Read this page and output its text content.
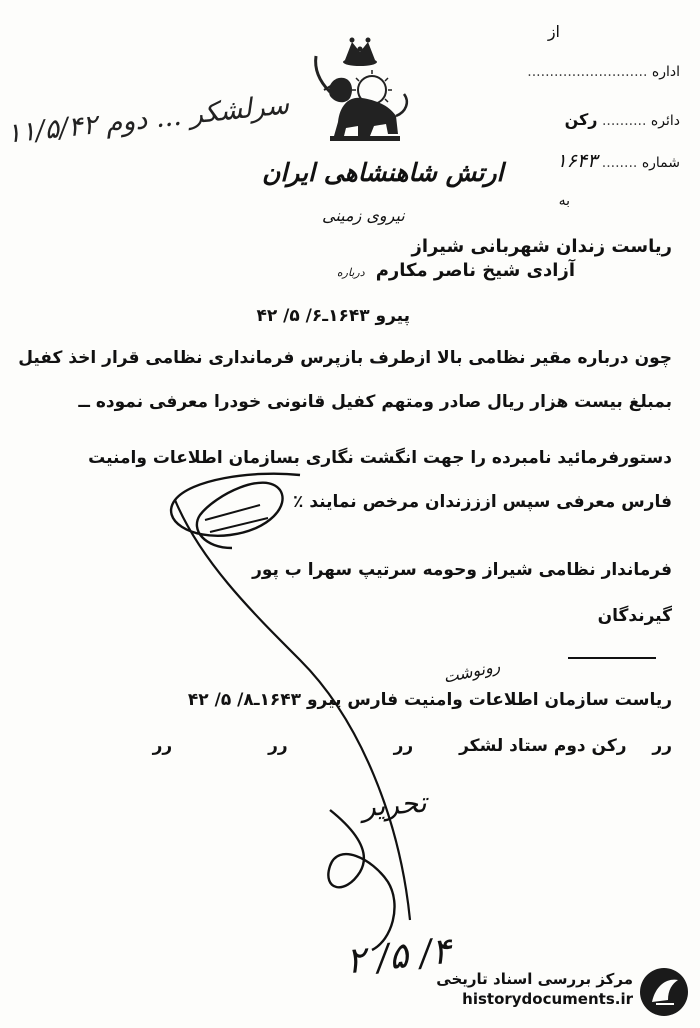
از
اداره ...........................
دائره .......... رکن
شماره ........ ۱۶۴۳
به
ارتش شاهنشاهی ایران
نیروی زمینی
سرلشکر ... دوم ۱۱/۵/۴۲
ریاست زندان شهربانی شیراز
آزادی شیخ ناصر مکارم درباره
پیرو ۱۶۴۳ـ۶/ ۵/ ۴۲
چون درباره مقیر نظامی بالا ازطرف بازپرس فرمانداری نظامی قرار اخذ کفیل
بمبلغ بیست هزار ریال صادر ومتهم کفیل قانونی خودرا معرفی نموده ــ
دستورفرمائید نامبرده را جهت انگشت نگاری بسازمان اطلاعات وامنیت
فارس معرفی سپس ازززندان مرخص نمایند ٪
فرماندار نظامی شیراز وحومه سرتیپ سهرا ب پور
گیرندگان
رونوشت
ریاست سازمان اطلاعات وامنیت فارس پیرو ۱۶۴۳ـ۸/ ۵/ ۴۲
رر رکن دوم ستاد لشکر رر رر رر
تحریر
۴/ ۵/ ۲
مرکز بررسی اسناد تاریخی
historydocuments.ir
